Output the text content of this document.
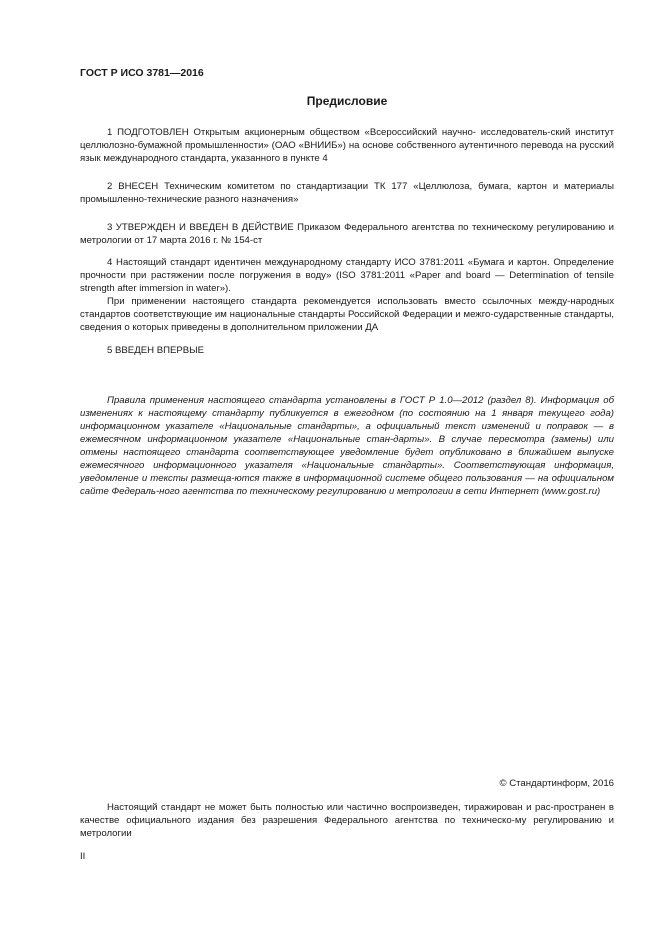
ГОСТ Р ИСО 3781—2016
Предисловие

1 ПОДГОТОВЛЕН Открытым акционерным обществом «Всероссийский научно- исследователь-ский институт целлюлозно-бумажной промышленности» (ОАО «ВНИИБ») на основе собственного аутентичного перевода на русский язык международного стандарта, указанного в пункте 4

2 ВНЕСЕН Техническим комитетом по стандартизации ТК 177 «Целлюлоза, бумага, картон и материалы промышленно-технические разного назначения»

3 УТВЕРЖДЕН И ВВЕДЕН В ДЕЙСТВИЕ Приказом Федерального агентства по техническому регулированию и метрологии от 17 марта 2016 г. № 154-ст

4 Настоящий стандарт идентичен международному стандарту ИСО 3781:2011 «Бумага и картон. Определение прочности при растяжении после погружения в воду» (ISO 3781:2011 «Paper and board — Determination of tensile strength after immersion in water»).

При применении настоящего стандарта рекомендуется использовать вместо ссылочных между-народных стандартов соответствующие им национальные стандарты Российской Федерации и межго-сударственные стандарты, сведения о которых приведены в дополнительном приложении ДА

5 ВВЕДЕН ВПЕРВЫЕ

Правила применения настоящего стандарта установлены в ГОСТ Р 1.0—2012 (раздел 8). Информация об изменениях к настоящему стандарту публикуется в ежегодном (по состоянию на 1 января текущего года) информационном указателе «Национальные стандарты», а официальный текст изменений и поправок — в ежемесячном информационном указателе «Национальные стан-дарты». В случае пересмотра (замены) или отмены настоящего стандарта соответствующее уведомление будет опубликовано в ближайшем выпуске ежемесячного информационного указателя «Национальные стандарты». Соответствующая информация, уведомление и тексты размеща-ются также в информационной системе общего пользования — на официальном сайте Федераль-ного агентства по техническому регулированию и метрологии в сети Интернет (www.gost.ru)

© Стандартинформ, 2016

Настоящий стандарт не может быть полностью или частично воспроизведен, тиражирован и рас-пространен в качестве официального издания без разрешения Федерального агентства по техническо-му регулированию и метрологии

II
